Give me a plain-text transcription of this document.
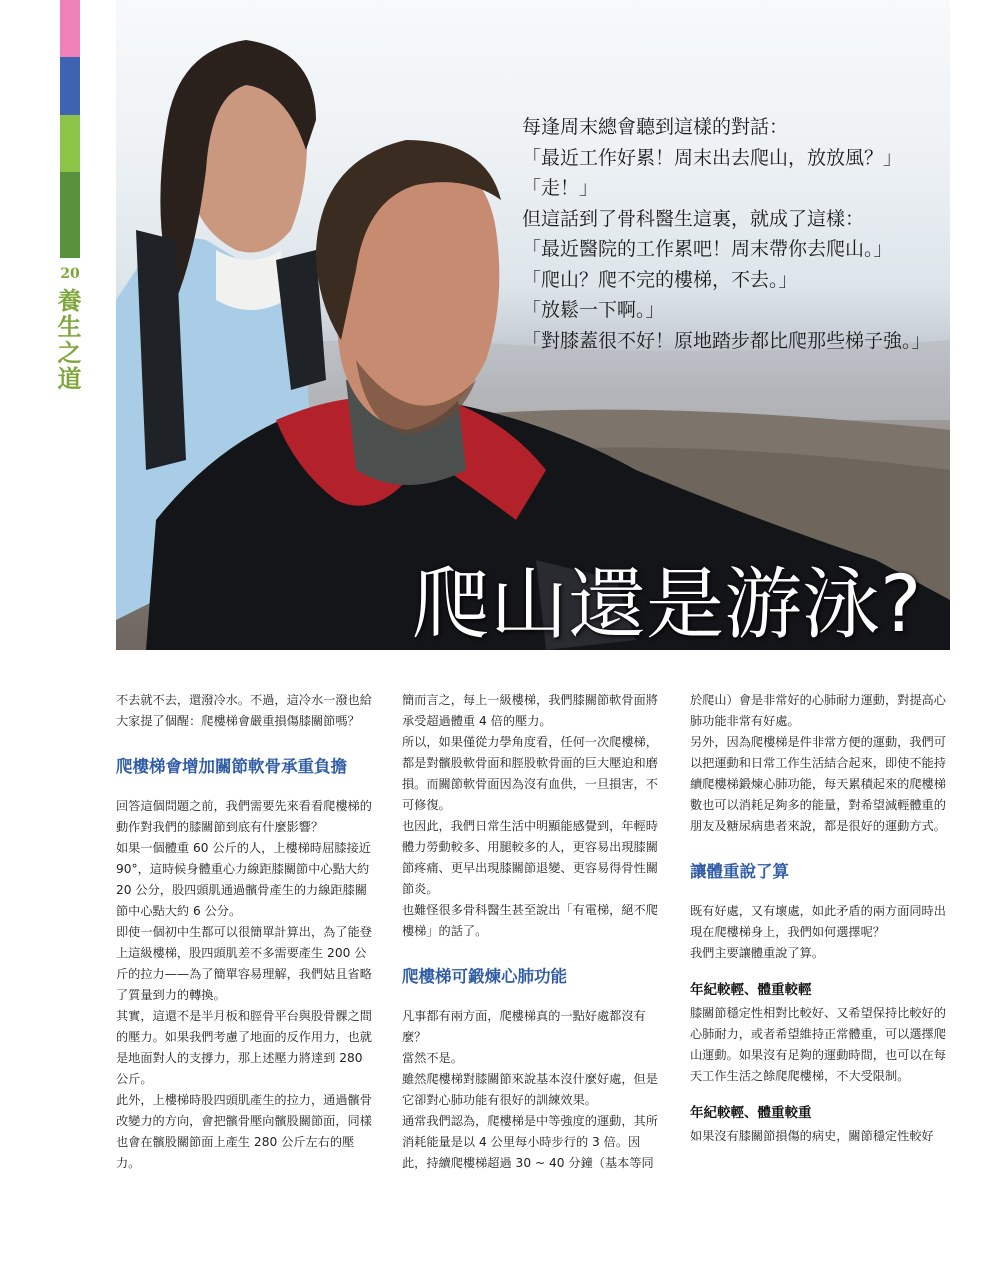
20
養生之道
每逢周末總會聽到這樣的對話：
「最近工作好累！周末出去爬山，放放風？」
「走！」
但這話到了骨科醫生這裏，就成了這樣：
「最近醫院的工作累吧！周末帶你去爬山。」
「爬山？爬不完的樓梯，不去。」
「放鬆一下啊。」
「對膝蓋很不好！原地踏步都比爬那些梯子強。」
爬山還是游泳?

不去就不去，還潑冷水。不過，這冷水一潑也給大家提了個醒：爬樓梯會嚴重損傷膝關節嗎？

爬樓梯會增加關節軟骨承重負擔

回答這個問題之前，我們需要先來看看爬樓梯的動作對我們的膝關節到底有什麼影響？

如果一個體重 60 公斤的人，上樓梯時屈膝接近 90°，這時候身體重心力線距膝關節中心點大約 20 公分，股四頭肌通過髕骨產生的力線距膝關節中心點大約 6 公分。

即使一個初中生都可以很簡單計算出，為了能登上這級樓梯，股四頭肌差不多需要產生 200 公斤的拉力——為了簡單容易理解，我們姑且省略了質量到力的轉換。

其實，這還不是半月板和脛骨平台與股骨髁之間的壓力。如果我們考慮了地面的反作用力，也就是地面對人的支撐力，那上述壓力將達到 280 公斤。

此外，上樓梯時股四頭肌產生的拉力，通過髕骨改變力的方向，會把髕骨壓向髕股關節面，同樣也會在髕股關節面上產生 280 公斤左右的壓力。

簡而言之，每上一級樓梯，我們膝關節軟骨面將承受超過體重 4 倍的壓力。

所以，如果僅從力學角度看，任何一次爬樓梯，都是對髕股軟骨面和脛股軟骨面的巨大壓迫和磨損。而關節軟骨面因為沒有血供，一旦損害，不可修復。

也因此，我們日常生活中明顯能感覺到，年輕時體力勞動較多、用腿較多的人，更容易出現膝關節疼痛、更早出現膝關節退變、更容易得骨性關節炎。

也難怪很多骨科醫生甚至說出「有電梯，絕不爬樓梯」的話了。

爬樓梯可鍛煉心肺功能

凡事都有兩方面，爬樓梯真的一點好處都沒有麼？

當然不是。

雖然爬樓梯對膝關節來說基本沒什麼好處，但是它卻對心肺功能有很好的訓練效果。

通常我們認為，爬樓梯是中等強度的運動，其所消耗能量是以 4 公里每小時步行的 3 倍。因此，持續爬樓梯超過 30 ~ 40 分鐘（基本等同

於爬山）會是非常好的心肺耐力運動，對提高心肺功能非常有好處。

另外，因為爬樓梯是件非常方便的運動，我們可以把運動和日常工作生活結合起來，即使不能持續爬樓梯鍛煉心肺功能，每天累積起來的爬樓梯數也可以消耗足夠多的能量，對希望減輕體重的朋友及糖尿病患者來說，都是很好的運動方式。

讓體重說了算

既有好處，又有壞處，如此矛盾的兩方面同時出現在爬樓梯身上，我們如何選擇呢？

我們主要讓體重說了算。

年紀較輕、體重較輕

膝關節穩定性相對比較好、又希望保持比較好的心肺耐力，或者希望維持正常體重，可以選擇爬山運動。如果沒有足夠的運動時間，也可以在每天工作生活之餘爬爬樓梯，不大受限制。

年紀較輕、體重較重

如果沒有膝關節損傷的病史，關節穩定性較好
